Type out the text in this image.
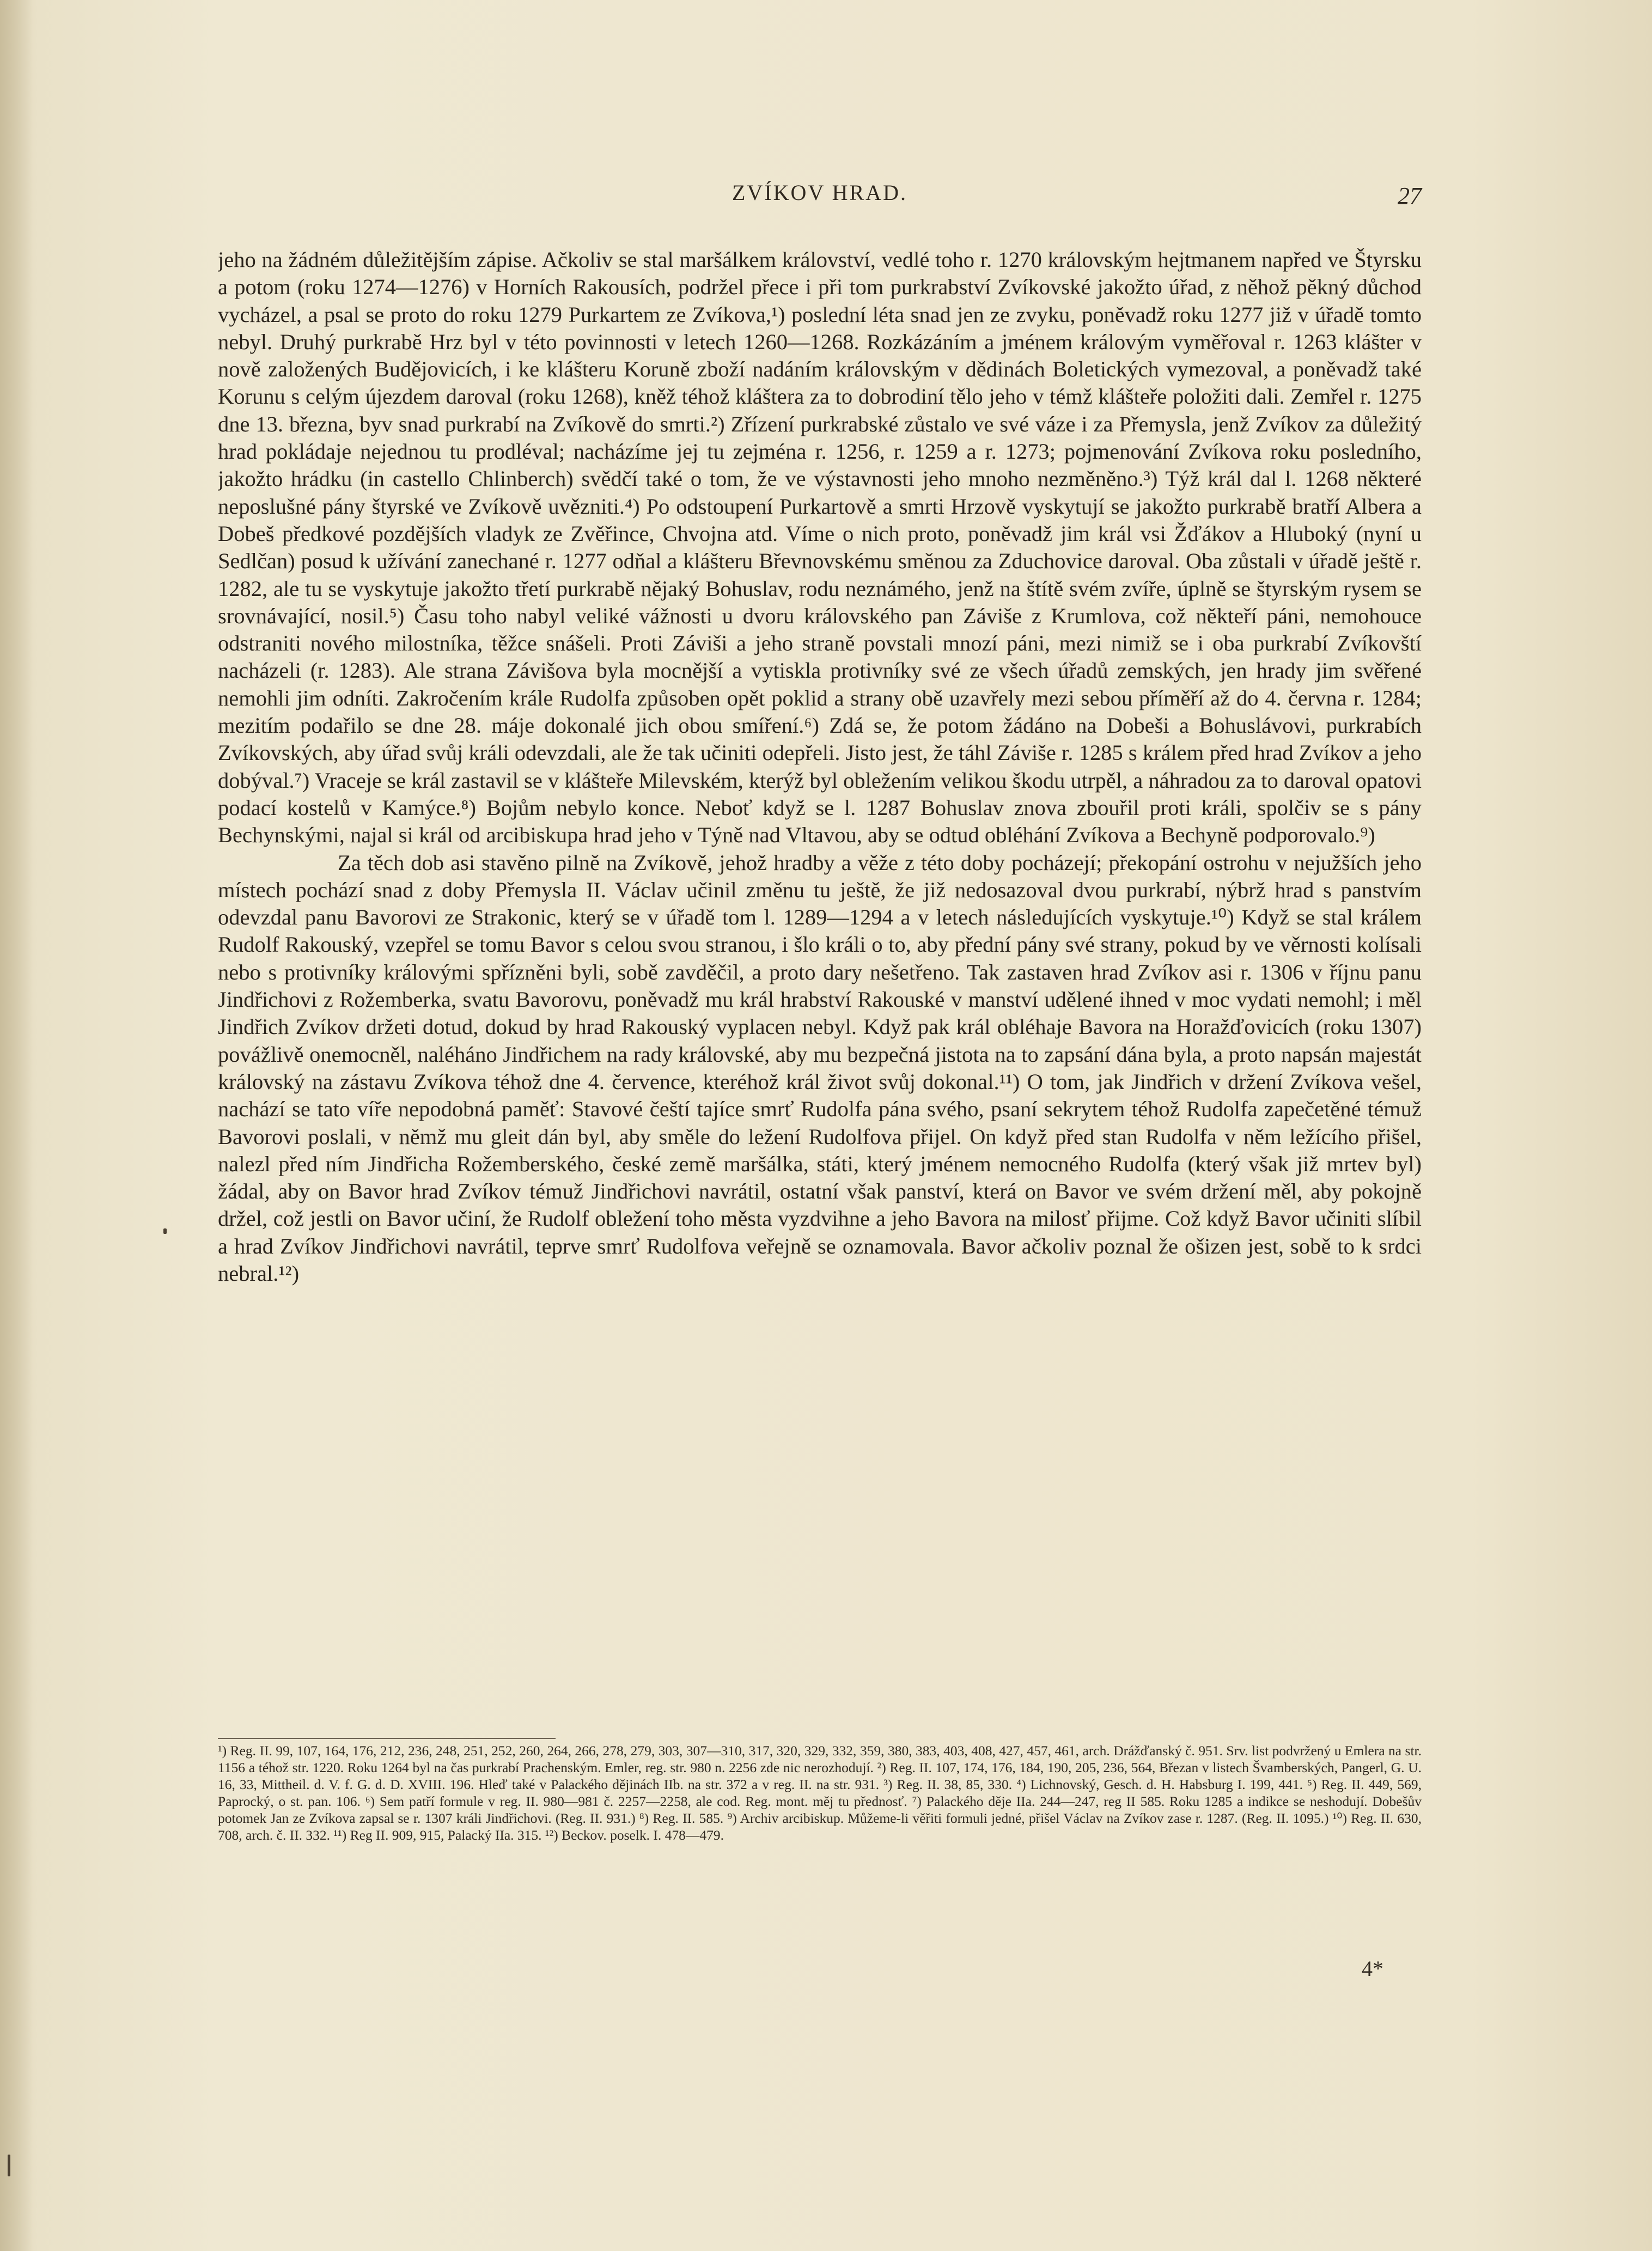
ZVÍKOV HRAD.	27

jeho na žádném důležitějším zápise. Ačkoliv se stal maršálkem království, vedlé toho r. 1270 královským hejtmanem napřed ve Štyrsku a potom (roku 1274—1276) v Horních Rakousích, podržel přece i při tom purkrabství Zvíkovské jakožto úřad, z něhož pěkný důchod vycházel, a psal se proto do roku 1279 Purkartem ze Zvíkova,¹) poslední léta snad jen ze zvyku, poněvadž roku 1277 již v úřadě tomto nebyl. Druhý purkrabě Hrz byl v této povinnosti v letech 1260—1268. Rozkázáním a jménem královým vyměřoval r. 1263 klášter v nově založených Budějovicích, i ke klášteru Koruně zboží nadáním královským v dědinách Boletických vymezoval, a poněvadž také Korunu s celým újezdem daroval (roku 1268), kněž téhož kláštera za to dobrodiní tělo jeho v témž klášteře položiti dali. Zemřel r. 1275 dne 13. března, byv snad purkrabí na Zvíkově do smrti.²) Zřízení purkrabské zůstalo ve své váze i za Přemysla, jenž Zvíkov za důležitý hrad pokládaje nejednou tu prodléval; nacházíme jej tu zejména r. 1256, r. 1259 a r. 1273; pojmenování Zvíkova roku posledního, jakožto hrádku (in castello Chlinberch) svědčí také o tom, že ve výstavnosti jeho mnoho nezměněno.³) Týž král dal l. 1268 některé neposlušné pány štyrské ve Zvíkově uvězniti.⁴) Po odstoupení Purkartově a smrti Hrzově vyskytují se jakožto purkrabě bratří Albera a Dobeš předkové pozdějších vladyk ze Zvěřince, Chvojna atd. Víme o nich proto, poněvadž jim král vsi Žďákov a Hluboký (nyní u Sedlčan) posud k užívání zanechané r. 1277 odňal a klášteru Břevnovskému směnou za Zduchovice daroval. Oba zůstali v úřadě ještě r. 1282, ale tu se vyskytuje jakožto třetí purkrabě nějaký Bohuslav, rodu neznámého, jenž na štítě svém zvíře, úplně se štyrským rysem se srovnávající, nosil.⁵) Času toho nabyl veliké vážnosti u dvoru královského pan Záviše z Krumlova, což někteří páni, nemohouce odstraniti nového milostníka, těžce snášeli. Proti Záviši a jeho straně povstali mnozí páni, mezi nimiž se i oba purkrabí Zvíkovští nacházeli (r. 1283). Ale strana Závišova byla mocnější a vytiskla protivníky své ze všech úřadů zemských, jen hrady jim svěřené nemohli jim odníti. Zakročením krále Rudolfa způsoben opět poklid a strany obě uzavřely mezi sebou příměří až do 4. června r. 1284; mezitím podařilo se dne 28. máje dokonalé jich obou smíření.⁶) Zdá se, že potom žádáno na Dobeši a Bohuslávovi, purkrabích Zvíkovských, aby úřad svůj králi odevzdali, ale že tak učiniti odepřeli. Jisto jest, že táhl Záviše r. 1285 s králem před hrad Zvíkov a jeho dobýval.⁷) Vraceje se král zastavil se v klášteře Milevském, kterýž byl obležením velikou škodu utrpěl, a náhradou za to daroval opatovi podací kostelů v Kamýce.⁸) Bojům nebylo konce. Neboť když se l. 1287 Bohuslav znova zbouřil proti králi, spolčiv se s pány Bechynskými, najal si král od arcibiskupa hrad jeho v Týně nad Vltavou, aby se odtud obléhání Zvíkova a Bechyně podporovalo.⁹)

Za těch dob asi stavěno pilně na Zvíkově, jehož hradby a věže z této doby pocházejí; překopání ostrohu v nejužších jeho místech pochází snad z doby Přemysla II. Václav učinil změnu tu ještě, že již nedosazoval dvou purkrabí, nýbrž hrad s panstvím odevzdal panu Bavorovi ze Strakonic, který se v úřadě tom l. 1289—1294 a v letech následujících vyskytuje.¹⁰) Když se stal králem Rudolf Rakouský, vzepřel se tomu Bavor s celou svou stranou, i šlo králi o to, aby přední pány své strany, pokud by ve věrnosti kolísali nebo s protivníky královými spřízněni byli, sobě zavděčil, a proto dary nešetřeno. Tak zastaven hrad Zvíkov asi r. 1306 v říjnu panu Jindřichovi z Rožemberka, svatu Bavorovu, poněvadž mu král hrabství Rakouské v manství udělené ihned v moc vydati nemohl; i měl Jindřich Zvíkov držeti dotud, dokud by hrad Rakouský vyplacen nebyl. Když pak král obléhaje Bavora na Horažďovicích (roku 1307) povážlivě onemocněl, naléháno Jindřichem na rady královské, aby mu bezpečná jistota na to zapsání dána byla, a proto napsán majestát královský na zástavu Zvíkova téhož dne 4. července, kteréhož král život svůj dokonal.¹¹) O tom, jak Jindřich v držení Zvíkova vešel, nachází se tato víře nepodobná paměť: Stavové čeští tajíce smrť Rudolfa pána svého, psaní sekrytem téhož Rudolfa zapečetěné témuž Bavorovi poslali, v němž mu gleit dán byl, aby směle do ležení Rudolfova přijel. On když před stan Rudolfa v něm ležícího přišel, nalezl před ním Jindřicha Rožemberského, české země maršálka, státi, který jménem nemocného Rudolfa (který však již mrtev byl) žádal, aby on Bavor hrad Zvíkov témuž Jindřichovi navrátil, ostatní však panství, která on Bavor ve svém držení měl, aby pokojně držel, což jestli on Bavor učiní, že Rudolf obležení toho města vyzdvihne a jeho Bavora na milosť přijme. Což když Bavor učiniti slíbil a hrad Zvíkov Jindřichovi navrátil, teprve smrť Rudolfova veřejně se oznamovala. Bavor ačkoliv poznal že ošizen jest, sobě to k srdci nebral.¹²)

¹) Reg. II. 99, 107, 164, 176, 212, 236, 248, 251, 252, 260, 264, 266, 278, 279, 303, 307—310, 317, 320, 329, 332, 359, 380, 383, 403, 408, 427, 457, 461, arch. Drážďanský č. 951. Srv. list podvržený u Emlera na str. 1156 a téhož str. 1220. Roku 1264 byl na čas purkrabí Prachenským. Emler, reg. str. 980 n. 2256 zde nic nerozhodují. ²) Reg. II. 107, 174, 176, 184, 190, 205, 236, 564, Březan v listech Švamberských, Pangerl, G. U. 16, 33, Mittheil. d. V. f. G. d. D. XVIII. 196. Hleď také v Palackého dějinách IIb. na str. 372 a v reg. II. na str. 931. ³) Reg. II. 38, 85, 330. ⁴) Lichnovský, Gesch. d. H. Habsburg I. 199, 441. ⁵) Reg. II. 449, 569, Paprocký, o st. pan. 106. ⁶) Sem patří formule v reg. II. 980—981 č. 2257—2258, ale cod. Reg. mont. měj tu přednosť. ⁷) Palackého děje IIa. 244—247, reg II 585. Roku 1285 a indikce se neshodují. Dobešův potomek Jan ze Zvíkova zapsal se r. 1307 králi Jindřichovi. (Reg. II. 931.) ⁸) Reg. II. 585. ⁹) Archiv arcibiskup. Můžeme-li věřiti formuli jedné, přišel Václav na Zvíkov zase r. 1287. (Reg. II. 1095.) ¹⁰) Reg. II. 630, 708, arch. č. II. 332. ¹¹) Reg II. 909, 915, Palacký IIa. 315. ¹²) Beckov. poselk. I. 478—479.
4*
